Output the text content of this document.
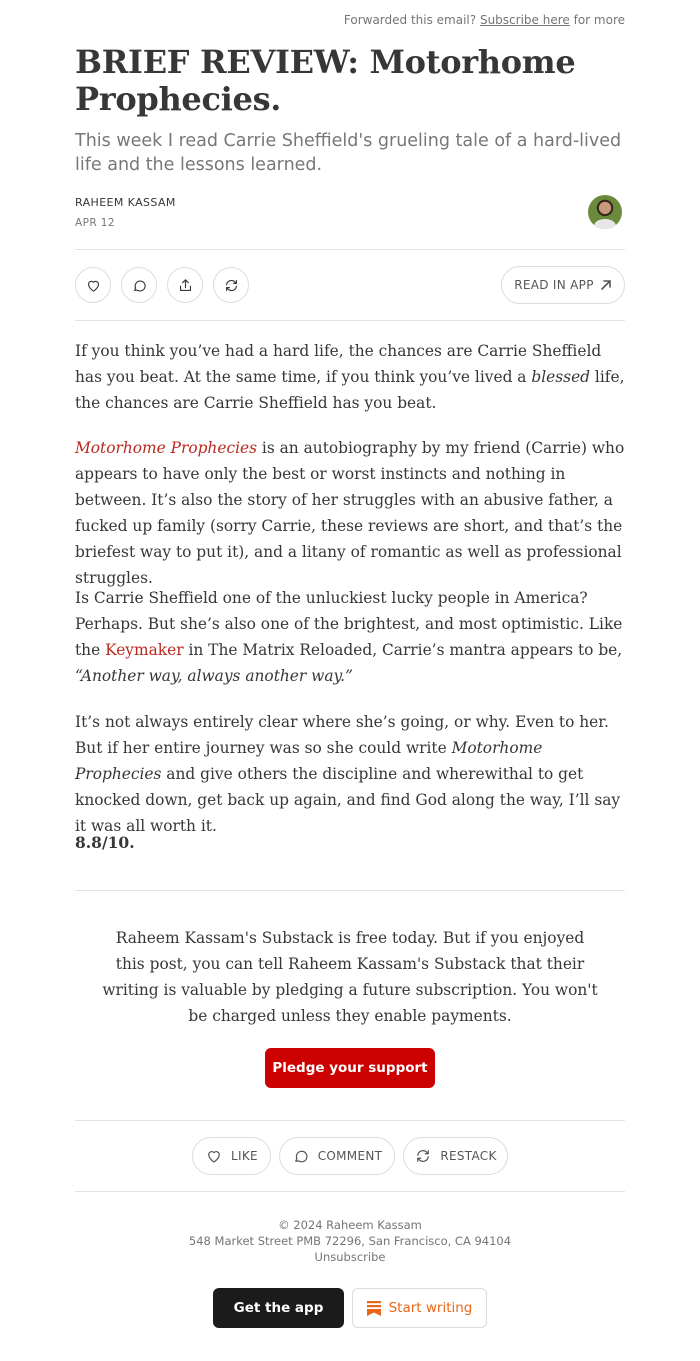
Forwarded this email? Subscribe here for more
BRIEF REVIEW: Motorhome Prophecies.
This week I read Carrie Sheffield's grueling tale of a hard-lived life and the lessons learned.
RAHEEM KASSAM
APR 12
READ IN APP

If you think you’ve had a hard life, the chances are Carrie Sheffield has you beat. At the same time, if you think you’ve lived a blessed life, the chances are Carrie Sheffield has you beat.

Motorhome Prophecies is an autobiography by my friend (Carrie) who appears to have only the best or worst instincts and nothing in between. It’s also the story of her struggles with an abusive father, a fucked up family (sorry Carrie, these reviews are short, and that’s the briefest way to put it), and a litany of romantic as well as professional struggles.

Is Carrie Sheffield one of the unluckiest lucky people in America? Perhaps. But she’s also one of the brightest, and most optimistic. Like the Keymaker in The Matrix Reloaded, Carrie’s mantra appears to be,
“Another way, always another way.”

It’s not always entirely clear where she’s going, or why. Even to her. But if her entire journey was so she could write Motorhome Prophecies and give others the discipline and wherewithal to get knocked down, get back up again, and find God along the way, I’ll say it was all worth it.

8.8/10.
Raheem Kassam's Substack is free today. But if you enjoyed this post, you can tell Raheem Kassam's Substack that their writing is valuable by pledging a future subscription. You won't be charged unless they enable payments.
Pledge your support
LIKE	COMMENT	RESTACK
© 2024 Raheem Kassam
548 Market Street PMB 72296, San Francisco, CA 94104
Unsubscribe
Get the app	Start writing
